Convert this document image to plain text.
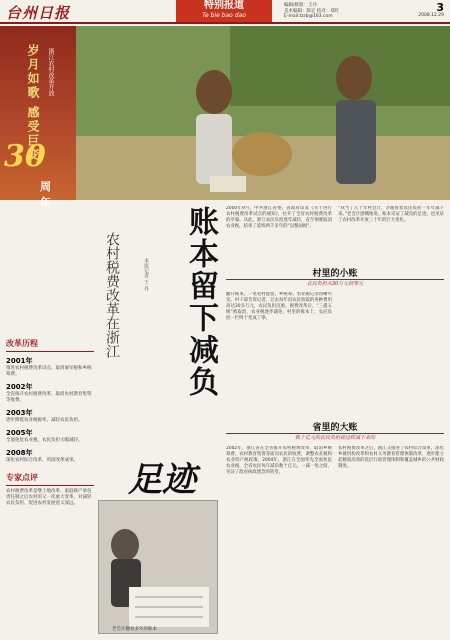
台州日报	特别报道
Te bie bao dao
编辑/排版：王丹
美术编辑：陈宏 校对：郑红
E-mail:tzrb@163.com
3
2008.12.29
岁月如歌 感受巨变	浙江农村改革开放
30
周年
改革历程
2001年
推进农村税费改革试点，取消屠宰税和乡统筹费。
2002年
全省推开农村税费改革，取消农村教育集资等收费。
2003年
逐步降低农业税税率，减轻农民负担。
2005年
全面免征农业税，农民负担大幅减轻。
2008年
深化农村综合改革，巩固改革成果。
专家点评
农村税费改革是继土地改革、家庭联产承包责任制之后农村的又一次重大变革，对减轻农民负担、促进农村发展意义深远。
农村税费改革在浙江	本报记者 王 丹	账本留下减负
足迹
2000年9月，中共浙江省委、省政府印发《关于进行农村税费改革试点的通知》，拉开了全省农村税费改革的序幕。从此，浙江农民负担逐年减轻，直至彻底取消农业税，结束了延续两千多年的“皇粮国税”。
村里的小账
农民负担从30万元到零元
翻开账本，一笔笔村提留、乡统筹、农业税记录清晰可见。村干部告诉记者，过去每年向农民收取的各种费用高达30多万元，农民负担沉重。税费改革后，“三提五统”被取消，农业税逐步减免，村里的账本上，农民负担一栏终于变成了零。
“我当了几十年村会计，亲眼看着农民负担一年年减下来。”老会计感慨地说。账本见证了减负的足迹，也见证了农村改革开放三十年的巨大变化。
省里的大账
数十亿元的农民负担就这样减下来的
2002年，浙江省在全省推开农村税费改革，取消乡统筹费、农村教育集资等面向农民的收费，调整农业税和农业特产税政策。2004年，浙江在全国率先全面免征农业税，全省农民每年减负数十亿元。一减一免之间，见证了政府执政理念的转变。
农村税费改革之后，浙江又推进了农村综合改革，深化乡镇机构改革和农村义务教育管理体制改革，逐步建立起精简高效的基层行政管理体制和覆盖城乡的公共财政制度。
老会计翻看多年的账本
